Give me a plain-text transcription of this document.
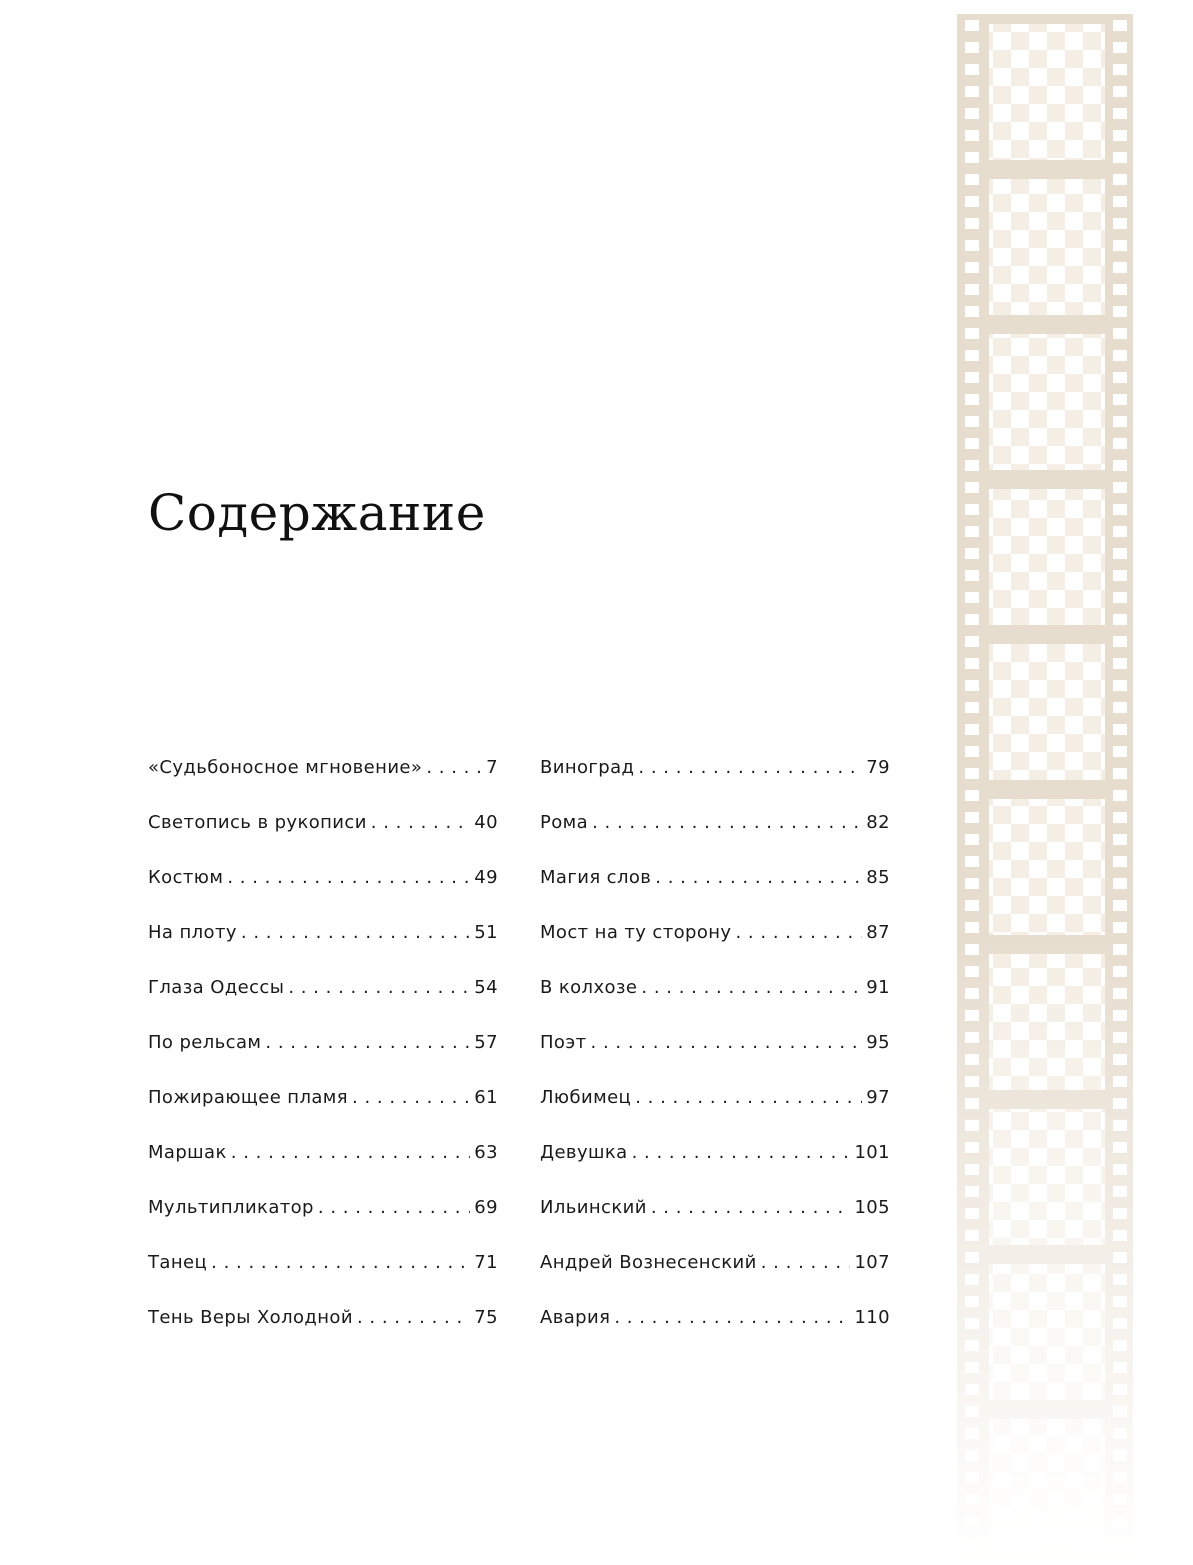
Содержание
«Судьбоносное мгновение» . . .	7
Светопись в рукописи . . .	40
Костюм . . .	49
На плоту . . .	51
Глаза Одессы . . .	54
По рельсам . . .	57
Пожирающее пламя . . .	61
Маршак . . .	63
Мультипликатор . . .	69
Танец . . .	71
Тень Веры Холодной . . .	75
Виноград . . .	79
Рома . . .	82
Магия слов . . .	85
Мост на ту сторону . . .	87
В колхозе . . .	91
Поэт . . .	95
Любимец . . .	97
Девушка . . .	101
Ильинский . . .	105
Андрей Вознесенский . . .	107
Авария . . .	110
